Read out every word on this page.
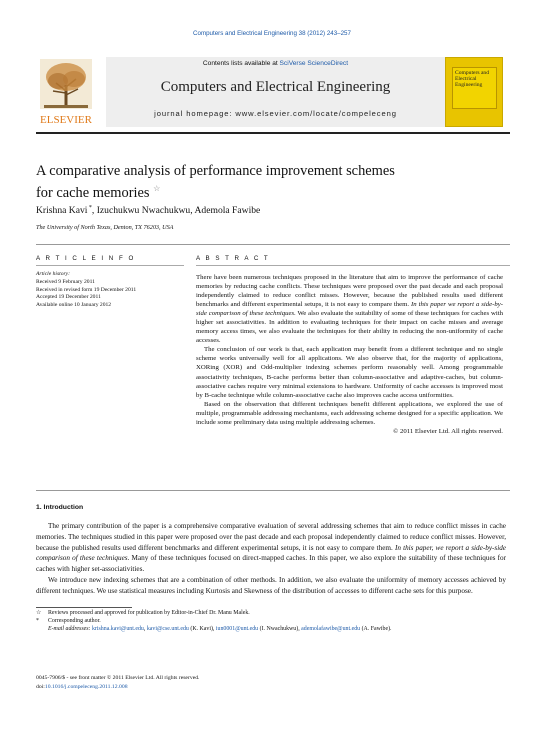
Computers and Electrical Engineering 38 (2012) 243–257
ELSEVIER
Contents lists available at SciVerse ScienceDirect
Computers and Electrical Engineering
journal homepage: www.elsevier.com/locate/compeleceng
Computers and Electrical Engineering
A comparative analysis of performance improvement schemes
for cache memories ☆
Krishna Kavi *, Izuchukwu Nwachukwu, Ademola Fawibe
The University of North Texas, Denton, TX 76203, USA
A R T I C L E I N F O
Article history:
Received 9 February 2011
Received in revised form 19 December 2011
Accepted 19 December 2011
Available online 10 January 2012
A B S T R A C T

There have been numerous techniques proposed in the literature that aim to improve the performance of cache memories by reducing cache conflicts. These techniques were proposed over the past decade and each proposal independently claimed to reduce conflict misses. However, because the published results used different benchmarks and different experimental setups, it is not easy to compare them. In this paper we report a side-by-side comparison of these techniques. We also evaluate the suitability of some of these techniques for caches with higher set associativities. In addition to evaluating techniques for their impact on cache misses and average memory access times, we also evaluate the techniques for their ability in reducing the non-uniformity of cache accesses.

The conclusion of our work is that, each application may benefit from a different technique and no single scheme works universally well for all applications. We also observe that, for the majority of applications, XORing (XOR) and Odd-multiplier indexing schemes perform reasonably well. Among programmable associativity techniques, B-cache performs better than column-associative and adaptive-caches, but column-associative caches require very minimal extensions to hardware. Uniformity of cache accesses is improved most by B-cache technique while column-associative cache also improves cache access uniformities.

Based on the observation that different techniques benefit different applications, we explored the use of multiple, programmable addressing mechanisms, each addressing scheme designed for a specific application. We include some preliminary data using multiple addressing schemes.

© 2011 Elsevier Ltd. All rights reserved.

1. Introduction

The primary contribution of the paper is a comprehensive comparative evaluation of several addressing schemes that aim to reduce conflict misses in cache memories. The techniques studied in this paper were proposed over the past decade and each proposal independently claimed to reduce conflict misses. However, because the published results used different benchmarks and different experimental setups, it is not easy to compare them. In this paper, we report a side-by-side comparison of these techniques. Many of these techniques focused on direct-mapped caches. In this paper, we also explore the suitability of these techniques for caches with higher set-associativities.

We introduce new indexing schemes that are a combination of other methods. In addition, we also evaluate the uniformity of memory accesses achieved by different techniques. We use statistical measures including Kurtosis and Skewness of the distribution of accesses to different cache sets for this purpose.

☆	Reviews processed and approved for publication by Editor-in-Chief Dr. Manu Malek.
*	Corresponding author.
E-mail addresses: krishna.kavi@unt.edu, kavi@cse.unt.edu (K. Kavi), iun0001@unt.edu (I. Nwachukwu), ademolafawibe@unt.edu (A. Fawibe).
0045-7906/$ - see front matter © 2011 Elsevier Ltd. All rights reserved.
doi:10.1016/j.compeleceng.2011.12.008
